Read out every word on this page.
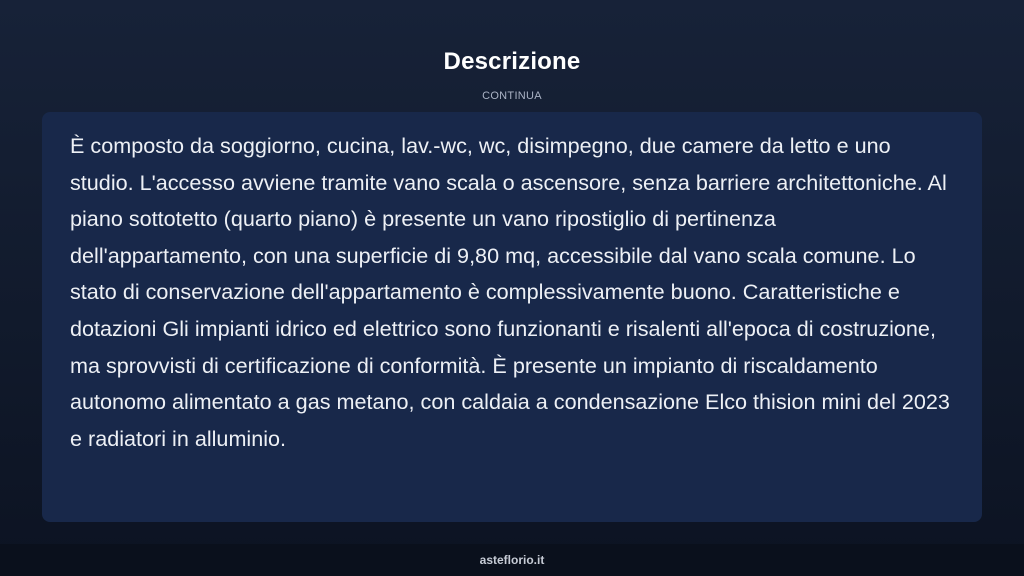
Descrizione
CONTINUA

È composto da soggiorno, cucina, lav.-wc, wc, disimpegno, due camere da letto e uno studio. L'accesso avviene tramite vano scala o ascensore, senza barriere architettoniche. Al piano sottotetto (quarto piano) è presente un vano ripostiglio di pertinenza dell'appartamento, con una superficie di 9,80 mq, accessibile dal vano scala comune. Lo stato di conservazione dell'appartamento è complessivamente buono. Caratteristiche e dotazioni Gli impianti idrico ed elettrico sono funzionanti e risalenti all'epoca di costruzione, ma sprovvisti di certificazione di conformità. È presente un impianto di riscaldamento autonomo alimentato a gas metano, con caldaia a condensazione Elco thision mini del 2023 e radiatori in alluminio.

asteflorio.it
